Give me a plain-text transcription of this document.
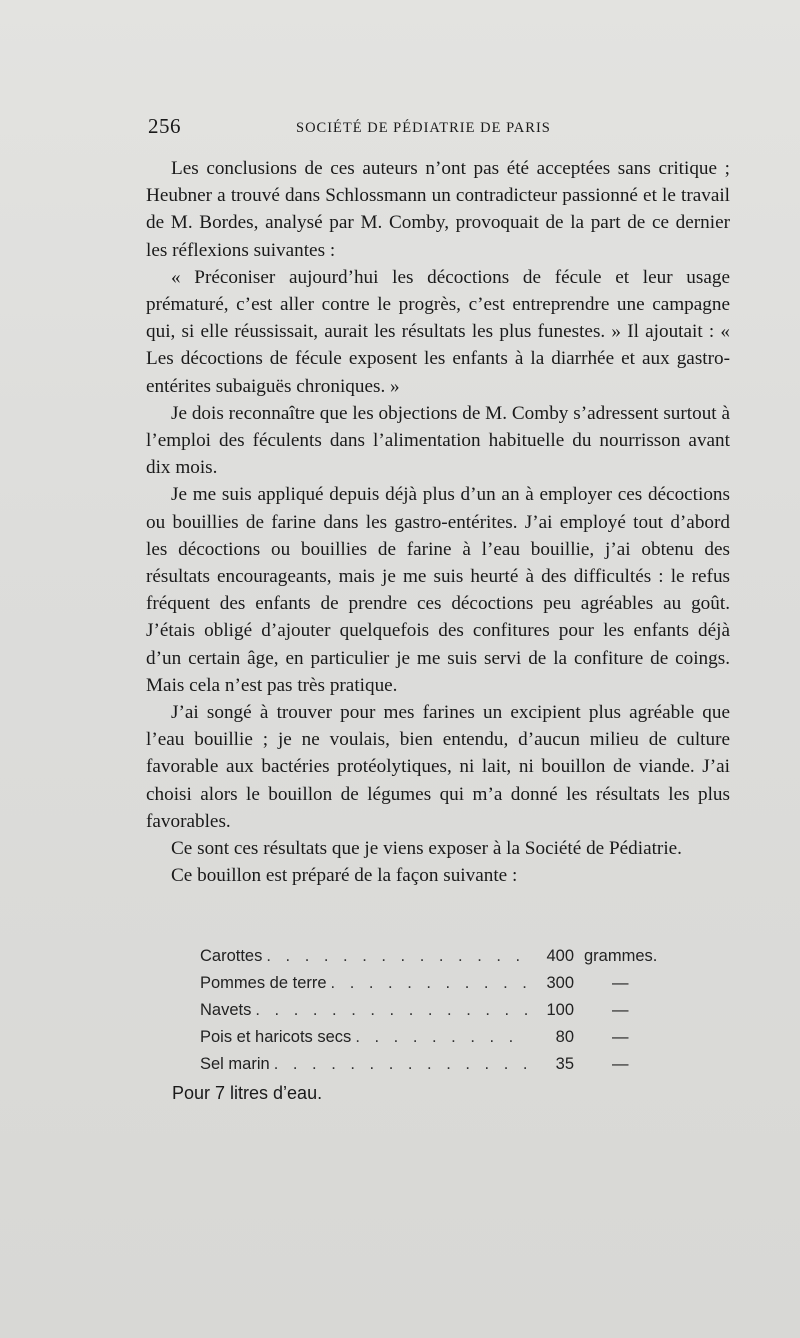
256	SOCIÉTÉ DE PÉDIATRIE DE PARIS

Les conclusions de ces auteurs n’ont pas été acceptées sans critique ; Heubner a trouvé dans Schlossmann un contradicteur passionné et le travail de M. Bordes, analysé par M. Comby, provoquait de la part de ce dernier les réflexions suivantes :

« Préconiser aujourd’hui les décoctions de fécule et leur usage prématuré, c’est aller contre le progrès, c’est entreprendre une campagne qui, si elle réussissait, aurait les résultats les plus funestes. » Il ajoutait : « Les décoctions de fécule exposent les enfants à la diarrhée et aux gastro-entérites subaiguës chroniques. »

Je dois reconnaître que les objections de M. Comby s’adressent surtout à l’emploi des féculents dans l’alimentation habituelle du nourrisson avant dix mois.

Je me suis appliqué depuis déjà plus d’un an à employer ces décoctions ou bouillies de farine dans les gastro-entérites. J’ai employé tout d’abord les décoctions ou bouillies de farine à l’eau bouillie, j’ai obtenu des résultats encourageants, mais je me suis heurté à des difficultés : le refus fréquent des enfants de prendre ces décoctions peu agréables au goût. J’étais obligé d’ajouter quelquefois des confitures pour les enfants déjà d’un certain âge, en particulier je me suis servi de la confiture de coings. Mais cela n’est pas très pratique.

J’ai songé à trouver pour mes farines un excipient plus agréable que l’eau bouillie ; je ne voulais, bien entendu, d’aucun milieu de culture favorable aux bactéries protéolytiques, ni lait, ni bouillon de viande. J’ai choisi alors le bouillon de légumes qui m’a donné les résultats les plus favorables.

Ce sont ces résultats que je viens exposer à la Société de Pédiatrie.

Ce bouillon est préparé de la façon suivante :

Carottes . . .	400 grammes.
Pommes de terre . . .	300	—
Navets . . .	100	—
Pois et haricots secs . . .	80	—
Sel marin . . .	35	—
Pour 7 litres d’eau.
